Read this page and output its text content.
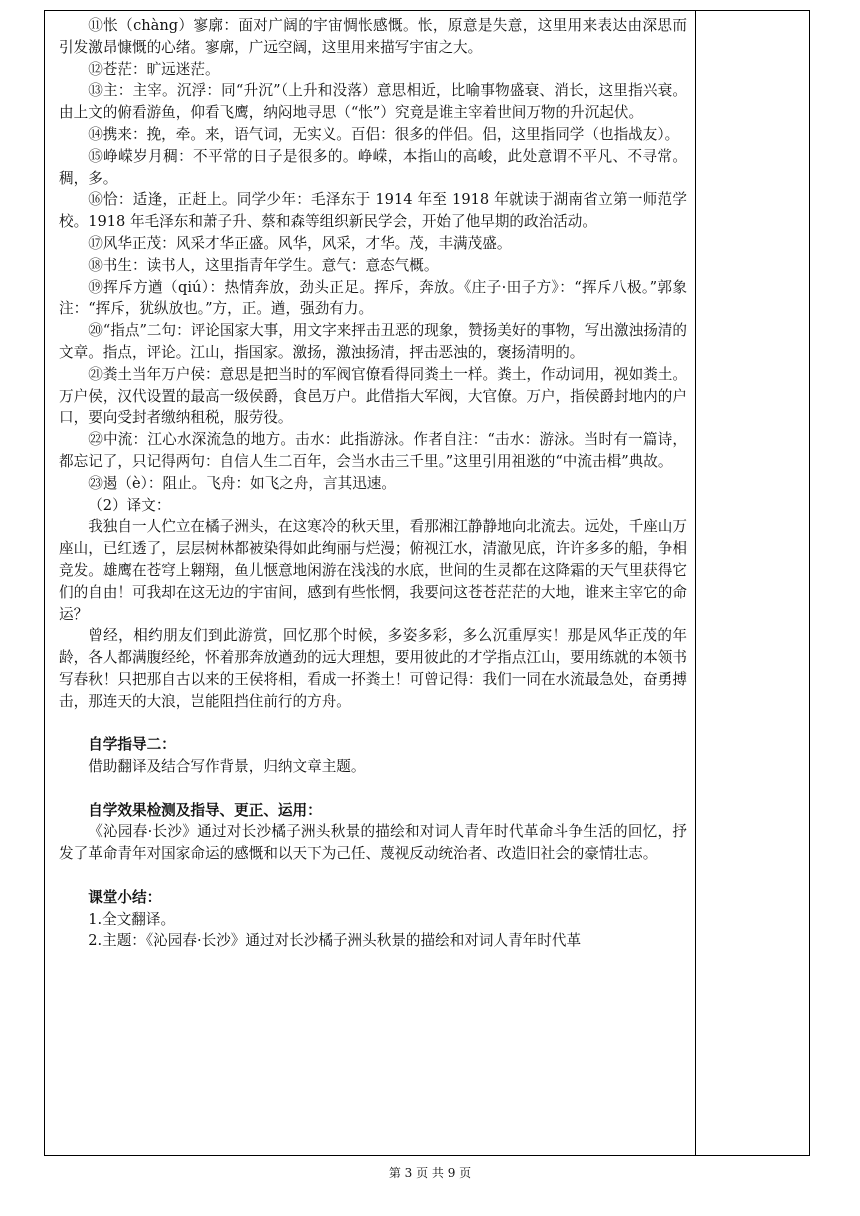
⑪怅（chàng）寥廓：面对广阔的宇宙惆怅感慨。怅，原意是失意，这里用来表达由深思而引发激昂慷慨的心绪。寥廓，广远空阔，这里用来描写宇宙之大。

⑫苍茫：旷远迷茫。

⑬主：主宰。沉浮：同“升沉”（上升和没落）意思相近，比喻事物盛衰、消长，这里指兴衰。由上文的俯看游鱼，仰看飞鹰，纳闷地寻思（“怅”）究竟是谁主宰着世间万物的升沉起伏。

⑭携来：挽，牵。来，语气词，无实义。百侣：很多的伴侣。侣，这里指同学（也指战友）。

⑮峥嵘岁月稠：不平常的日子是很多的。峥嵘，本指山的高峻，此处意谓不平凡、不寻常。稠，多。

⑯恰：适逢，正赶上。同学少年：毛泽东于 1914 年至 1918 年就读于湖南省立第一师范学校。1918 年毛泽东和萧子升、蔡和森等组织新民学会，开始了他早期的政治活动。

⑰风华正茂：风采才华正盛。风华，风采，才华。茂，丰满茂盛。

⑱书生：读书人，这里指青年学生。意气：意态气概。

⑲挥斥方遒（qiú）：热情奔放，劲头正足。挥斥，奔放。《庄子·田子方》：“挥斥八极。”郭象注：“挥斥，犹纵放也。”方，正。遒，强劲有力。

⑳“指点”二句：评论国家大事，用文字来抨击丑恶的现象，赞扬美好的事物，写出激浊扬清的文章。指点，评论。江山，指国家。激扬，激浊扬清，抨击恶浊的，褒扬清明的。

㉑粪土当年万户侯：意思是把当时的军阀官僚看得同粪土一样。粪土，作动词用，视如粪土。万户侯，汉代设置的最高一级侯爵，食邑万户。此借指大军阀，大官僚。万户，指侯爵封地内的户口，要向受封者缴纳租税，服劳役。

㉒中流：江心水深流急的地方。击水：此指游泳。作者自注：“击水：游泳。当时有一篇诗，都忘记了，只记得两句：自信人生二百年，会当水击三千里。”这里引用祖逖的“中流击楫”典故。

㉓遏（è）：阻止。飞舟：如飞之舟，言其迅速。

（2）译文：

我独自一人伫立在橘子洲头，在这寒冷的秋天里，看那湘江静静地向北流去。远处，千座山万座山，已红透了，层层树林都被染得如此绚丽与烂漫；俯视江水，清澈见底，许许多多的船，争相竞发。雄鹰在苍穹上翱翔，鱼儿惬意地闲游在浅浅的水底，世间的生灵都在这降霜的天气里获得它们的自由！可我却在这无边的宇宙间，感到有些怅惘，我要问这苍苍茫茫的大地，谁来主宰它的命运？

曾经，相约朋友们到此游赏，回忆那个时候，多姿多彩，多么沉重厚实！那是风华正茂的年龄，各人都满腹经纶，怀着那奔放遒劲的远大理想，要用彼此的才学指点江山，要用练就的本领书写春秋！只把那自古以来的王侯将相，看成一抔粪土！可曾记得：我们一同在水流最急处，奋勇搏击，那连天的大浪，岂能阻挡住前行的方舟。

自学指导二：

借助翻译及结合写作背景，归纳文章主题。

自学效果检测及指导、更正、运用：

《沁园春·长沙》通过对长沙橘子洲头秋景的描绘和对词人青年时代革命斗争生活的回忆，抒发了革命青年对国家命运的感慨和以天下为己任、蔑视反动统治者、改造旧社会的豪情壮志。

课堂小结：

1.全文翻译。

2.主题：《沁园春·长沙》通过对长沙橘子洲头秋景的描绘和对词人青年时代革

第 3 页 共 9 页
